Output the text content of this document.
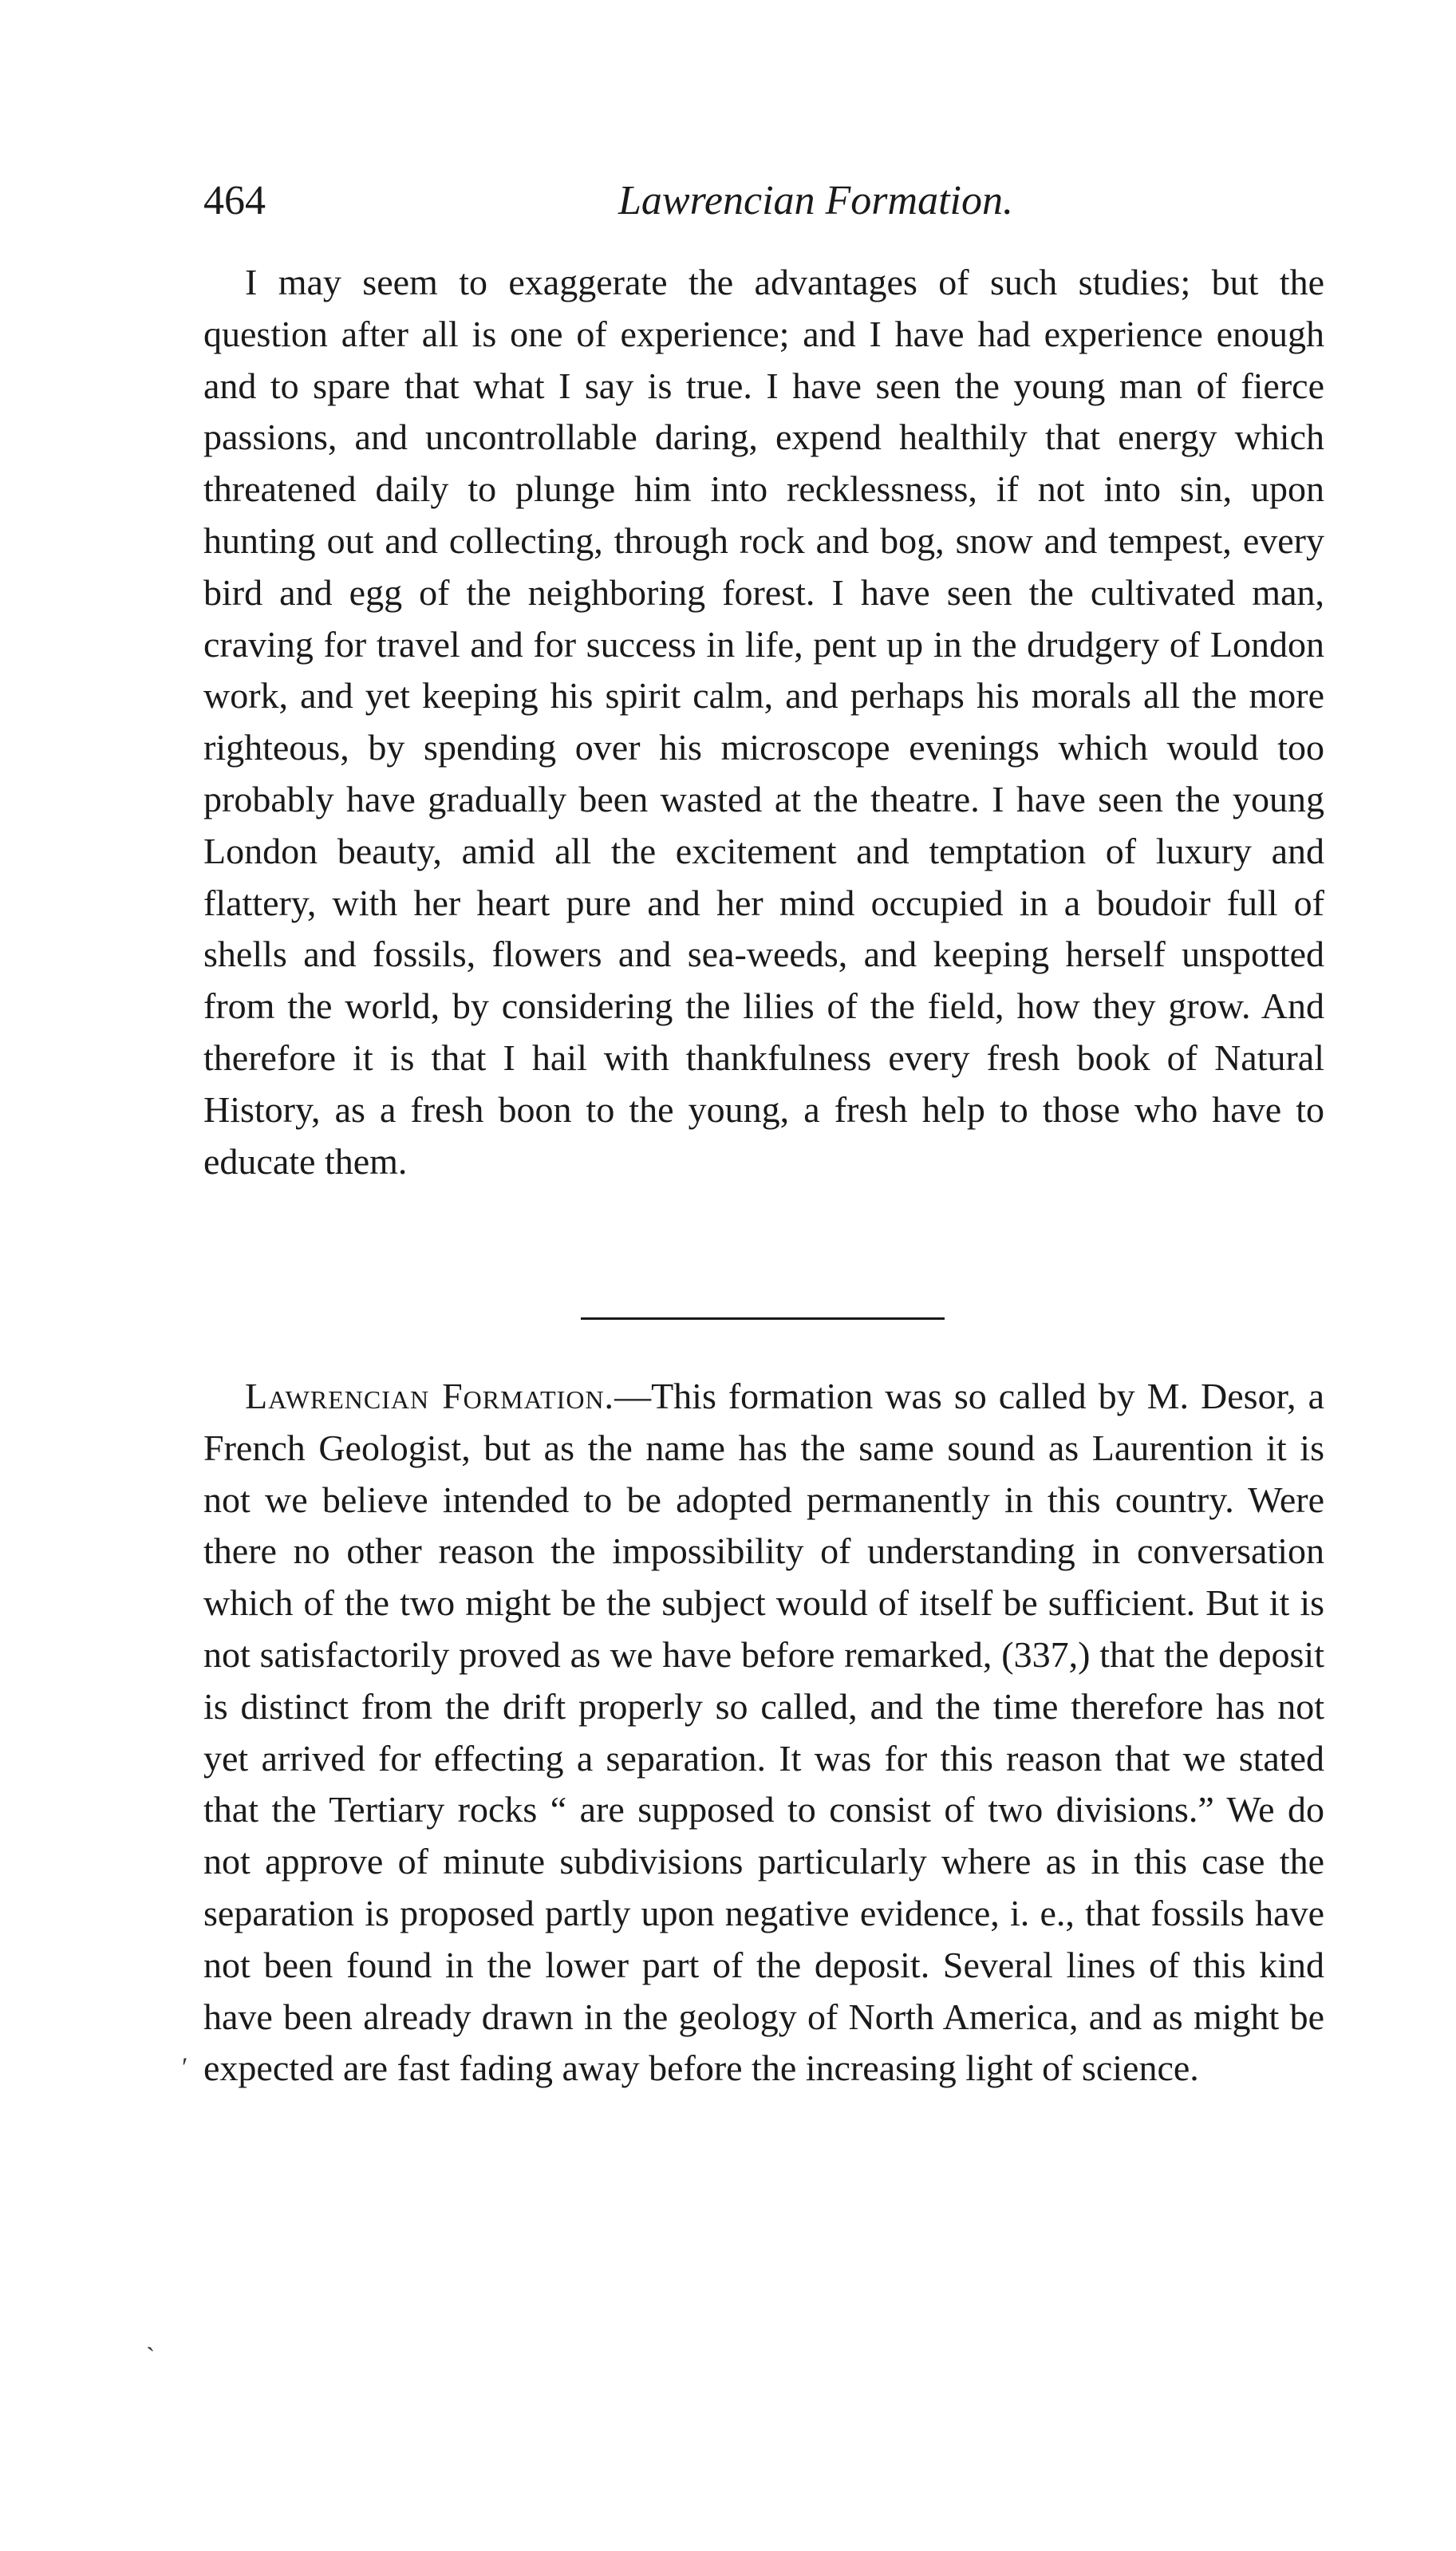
464	Lawrencian Formation.

I may seem to exaggerate the advantages of such studies; but the question after all is one of experience; and I have had experience enough and to spare that what I say is true. I have seen the young man of fierce passions, and uncontrollable daring, expend healthily that energy which threatened daily to plunge him into recklessness, if not into sin, upon hunting out and collecting, through rock and bog, snow and tempest, every bird and egg of the neighboring forest. I have seen the cultivated man, craving for travel and for success in life, pent up in the drudgery of London work, and yet keeping his spirit calm, and perhaps his morals all the more righteous, by spending over his microscope evenings which would too probably have gradually been wasted at the theatre. I have seen the young London beauty, amid all the excitement and temptation of luxury and flattery, with her heart pure and her mind occupied in a boudoir full of shells and fossils, flowers and sea-weeds, and keeping herself unspotted from the world, by considering the lilies of the field, how they grow. And therefore it is that I hail with thankfulness every fresh book of Natural History, as a fresh boon to the young, a fresh help to those who have to educate them.

Lawrencian Formation.—This formation was so called by M. Desor, a French Geologist, but as the name has the same sound as Laurention it is not we believe intended to be adopted permanently in this country. Were there no other reason the impossibility of understanding in conversation which of the two might be the subject would of itself be sufficient. But it is not satisfactorily proved as we have before remarked, (337,) that the deposit is distinct from the drift properly so called, and the time therefore has not yet arrived for effecting a separation. It was for this reason that we stated that the Tertiary rocks “ are supposed to consist of two divisions.” We do not approve of minute subdivisions particularly where as in this case the separation is proposed partly upon negative evidence, i. e., that fossils have not been found in the lower part of the deposit. Several lines of this kind have been already drawn in the geology of North America, and as might be expected are fast fading away before the increasing light of science.

ʹ
ˏ
